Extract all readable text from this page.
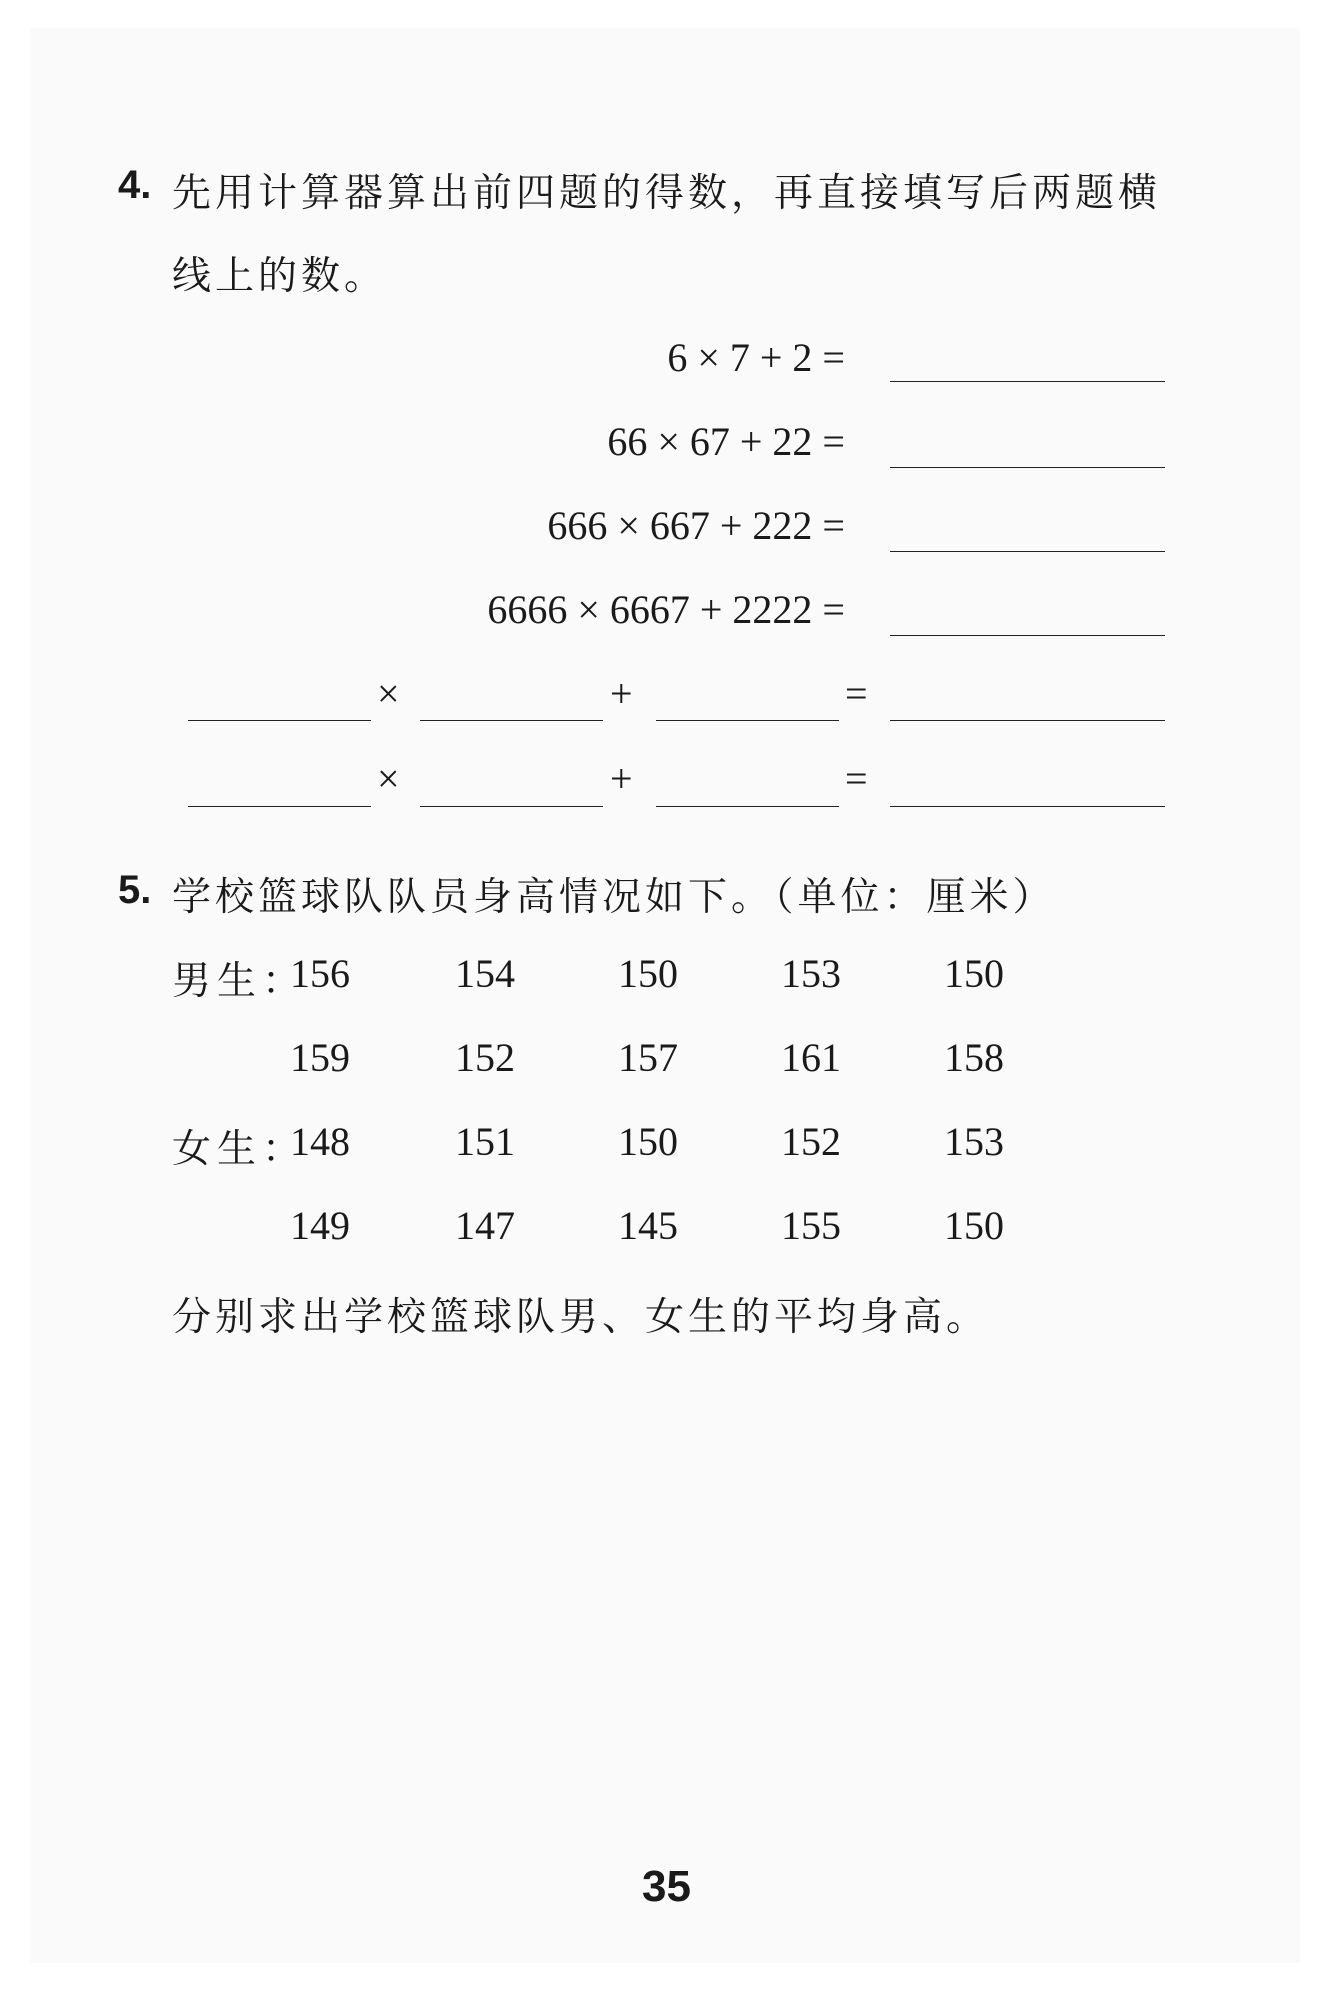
4. 先用计算器算出前四题的得数，再直接填写后两题横
线上的数。
6 × 7 + 2 =
66 × 67 + 22 =
666 × 667 + 222 =
6666 × 6667 + 2222 =
×	+	=
×	+	=
5. 学校篮球队队员身高情况如下。（单位：厘米）
男生：
156	154	150	153	150
159	152	157	161	158
女生：
148	151	150	152	153
149	147	145	155	150
分别求出学校篮球队男、女生的平均身高。
35
